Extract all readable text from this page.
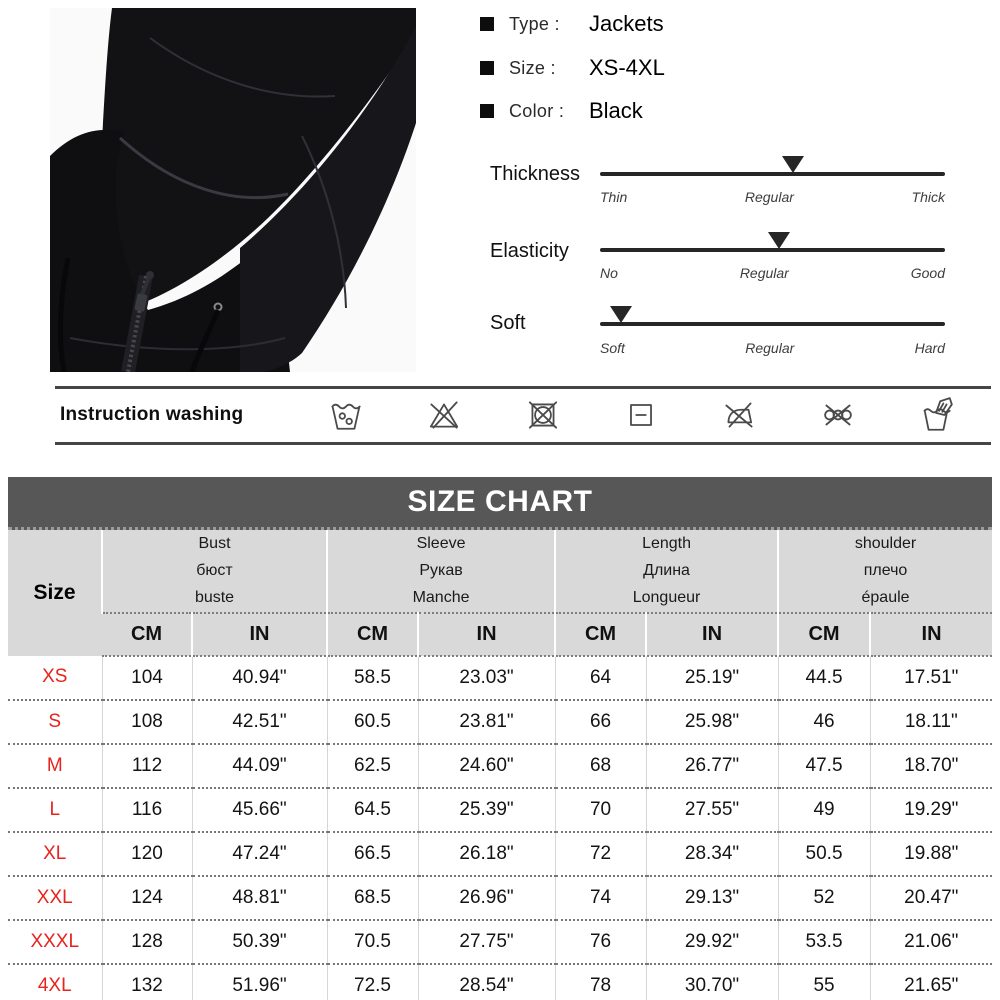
Type :	Jackets
Size :	XS-4XL
Color :	Black
Thickness
Thin	Regular	Thick
Elasticity
No	Regular	Good
Soft
Soft	Regular	Hard
Instruction washing
SIZE CHART
Size	
Bust
бюст
buste

Sleeve
Рукав
Manche

Length
Длина
Longueur

shoulder
плечо
épaule

	CM	IN	CM	IN	CM	IN	CM	IN
XS	104	40.94"	58.5	23.03"	64	25.19"	44.5	17.51"
S	108	42.51"	60.5	23.81"	66	25.98"	46	18.11"
M	112	44.09"	62.5	24.60"	68	26.77"	47.5	18.70"
L	116	45.66"	64.5	25.39"	70	27.55"	49	19.29"
XL	120	47.24"	66.5	26.18"	72	28.34"	50.5	19.88"
XXL	124	48.81"	68.5	26.96"	74	29.13"	52	20.47"
XXXL	128	50.39"	70.5	27.75"	76	29.92"	53.5	21.06"
4XL	132	51.96"	72.5	28.54"	78	30.70"	55	21.65"
